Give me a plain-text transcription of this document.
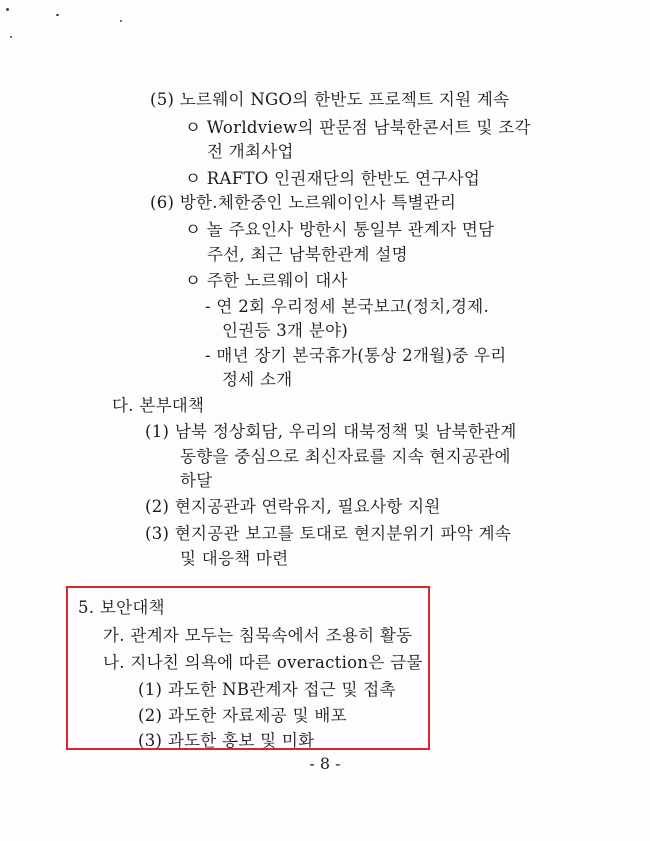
(5) 노르웨이 NGO의 한반도 프로젝트 지원 계속
ㅇ Worldview의 판문점 남북한콘서트 및 조각
전 개최사업
ㅇ RAFTO 인권재단의 한반도 연구사업
(6) 방한.체한중인 노르웨이인사 특별관리
ㅇ 놀 주요인사 방한시 통일부 관계자 면담
주선, 최근 남북한관계 설명
ㅇ 주한 노르웨이 대사
- 연 2회 우리정세 본국보고(정치,경제.
인권등 3개 분야)
- 매년 장기 본국휴가(통상 2개월)중 우리
정세 소개
다. 본부대책
(1) 남북 정상회담, 우리의 대북정책 및 남북한관계
동향을 중심으로 최신자료를 지속 현지공관에
하달
(2) 현지공관과 연락유지, 필요사항 지원
(3) 현지공관 보고를 토대로 현지분위기 파악 계속
및 대응책 마련
5. 보안대책
가. 관계자 모두는 침묵속에서 조용히 활동
나. 지나친 의욕에 따른 overaction은 금물
(1) 과도한 NB관계자 접근 및 접촉
(2) 과도한 자료제공 및 배포
(3) 과도한 홍보 및 미화
- 8 -
